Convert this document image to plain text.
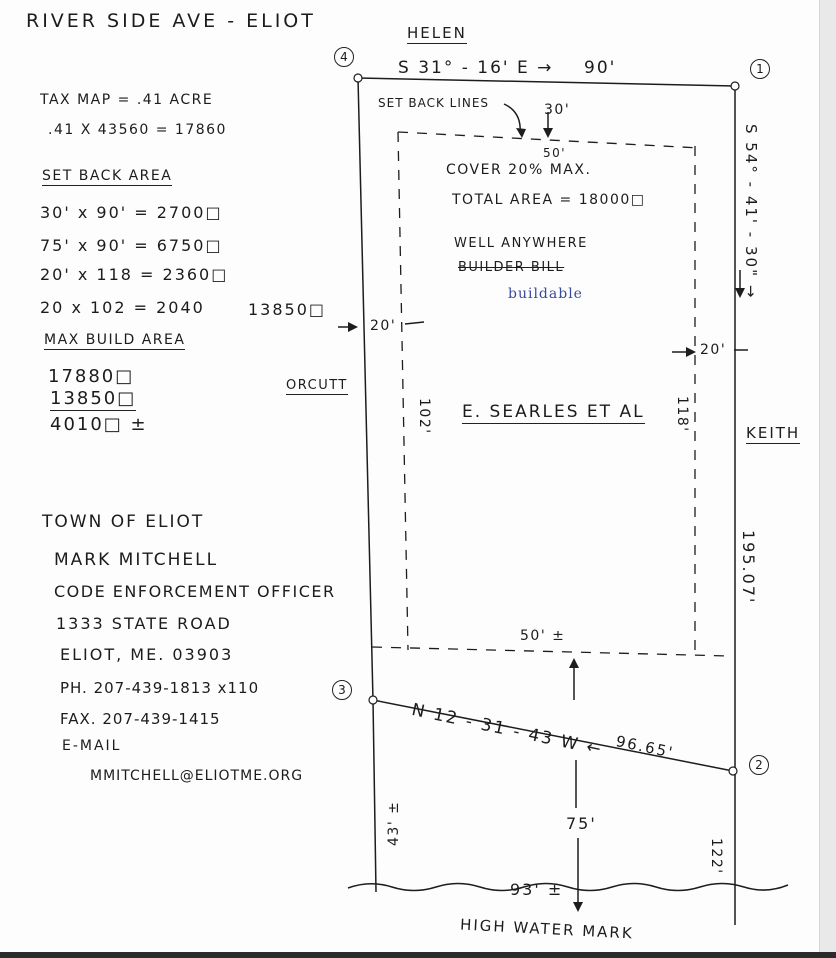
RIVER SIDE AVE - ELIOT
TAX MAP = .41 ACRE
.41 X 43560 = 17860
SET BACK AREA
30' x 90' = 2700□
75' x 90' = 6750□
20' x 118 = 2360□
20 x 102 = 2040	13850□
MAX BUILD AREA
17880□
13850□
4010□ ±
TOWN OF ELIOT
MARK MITCHELL
CODE ENFORCEMENT OFFICER
1333 STATE ROAD
ELIOT, ME. 03903
PH. 207-439-1813 x110
FAX. 207-439-1415
E-MAIL
MMITCHELL@ELIOTME.ORG
4
1
3
2
HELEN
ORCUTT
KEITH
HIGH WATER MARK
E. SEARLES ET AL
S 31° - 16' E → 90'
S 54° - 41' - 30" →
195.07'
N 12 - 31 - 43 W ← 96.65'
SET BACK LINES
COVER 20% MAX.
TOTAL AREA = 18000□
WELL ANYWHERE
BUILDER BILL
buildable
30'
50'
20'
20'
102'	118'
50' ±
75'
43' ±
122'
93' ±
